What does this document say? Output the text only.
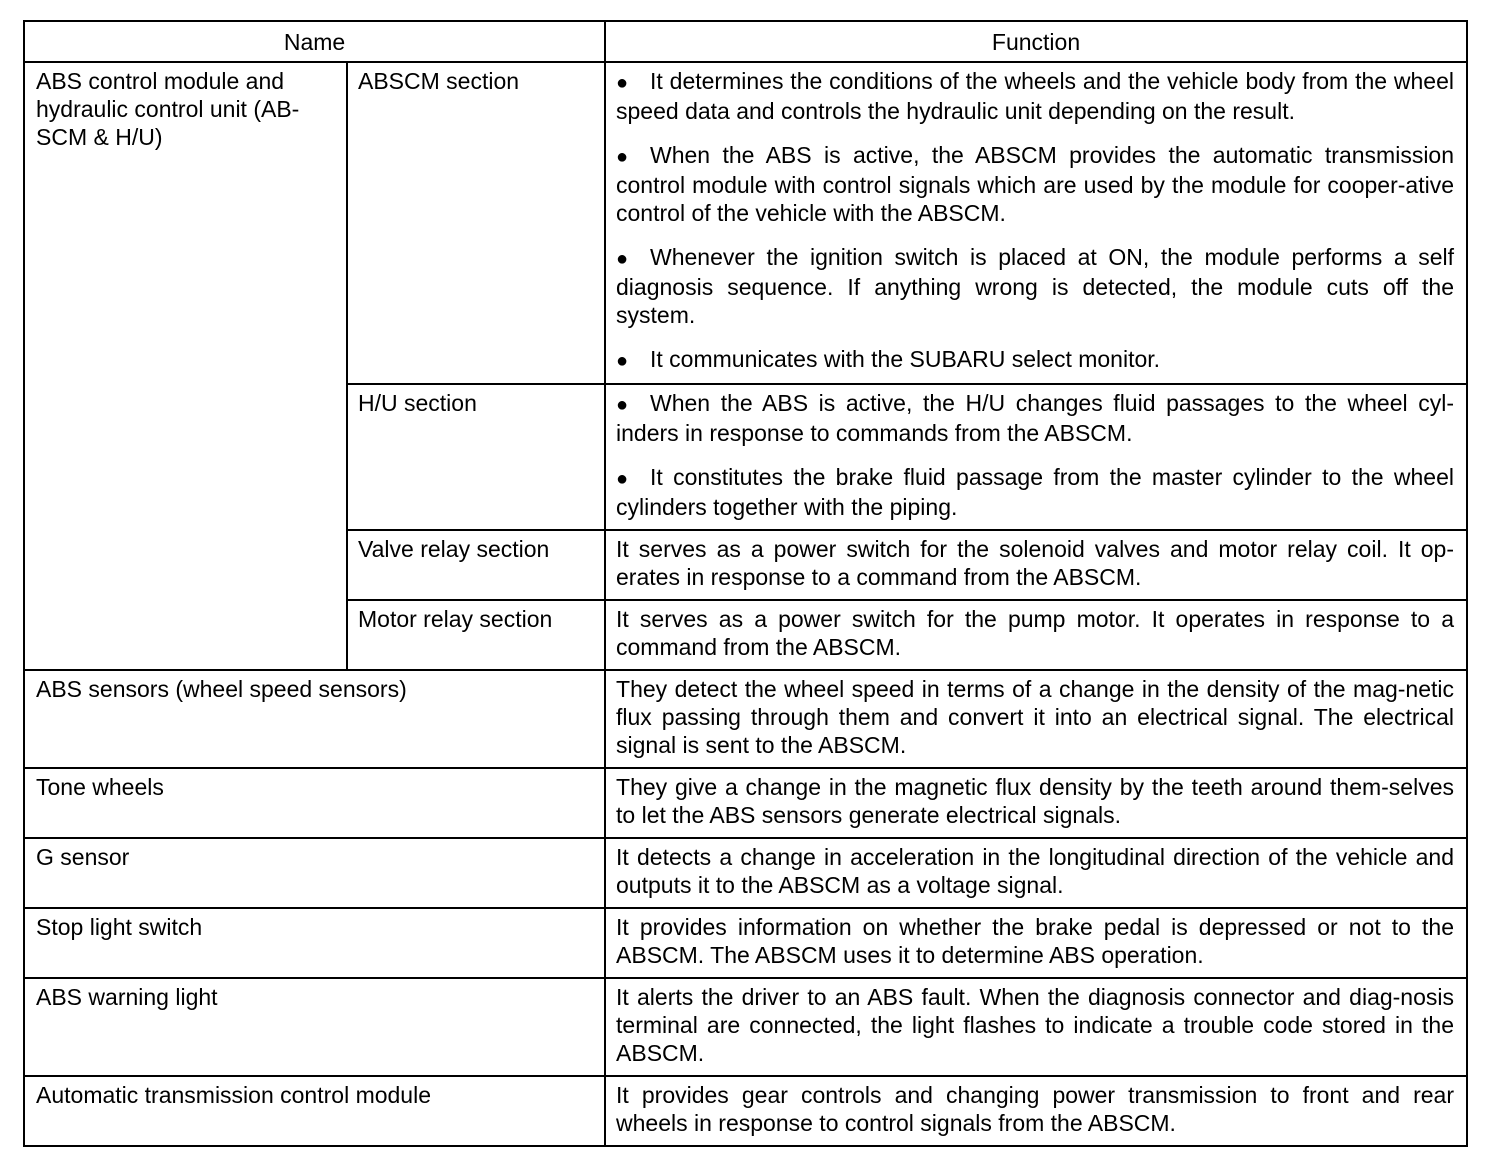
Name		Function
ABS control module and hydraulic control unit (AB-SCM & H/U)	ABSCM section	● It determines the conditions of the wheels and the vehicle body from the wheel speed data and controls the hydraulic unit depending on the result.
● When the ABS is active, the ABSCM provides the automatic transmission control module with control signals which are used by the module for cooper-ative control of the vehicle with the ABSCM.
● Whenever the ignition switch is placed at ON, the module performs a self diagnosis sequence. If anything wrong is detected, the module cuts off the system.
● It communicates with the SUBARU select monitor.

	H/U section	● When the ABS is active, the H/U changes fluid passages to the wheel cyl-inders in response to commands from the ABSCM.
● It constitutes the brake fluid passage from the master cylinder to the wheel cylinders together with the piping.

	Valve relay section	It serves as a power switch for the solenoid valves and motor relay coil. It op-erates in response to a command from the ABSCM.

	Motor relay section	It serves as a power switch for the pump motor. It operates in response to a command from the ABSCM.

ABS sensors (wheel speed sensors)		They detect the wheel speed in terms of a change in the density of the mag-netic flux passing through them and convert it into an electrical signal. The electrical signal is sent to the ABSCM.

Tone wheels		They give a change in the magnetic flux density by the teeth around them-selves to let the ABS sensors generate electrical signals.

G sensor		It detects a change in acceleration in the longitudinal direction of the vehicle and outputs it to the ABSCM as a voltage signal.

Stop light switch		It provides information on whether the brake pedal is depressed or not to the ABSCM. The ABSCM uses it to determine ABS operation.

ABS warning light		It alerts the driver to an ABS fault. When the diagnosis connector and diag-nosis terminal are connected, the light flashes to indicate a trouble code stored in the ABSCM.

Automatic transmission control module		It provides gear controls and changing power transmission to front and rear wheels in response to control signals from the ABSCM.
